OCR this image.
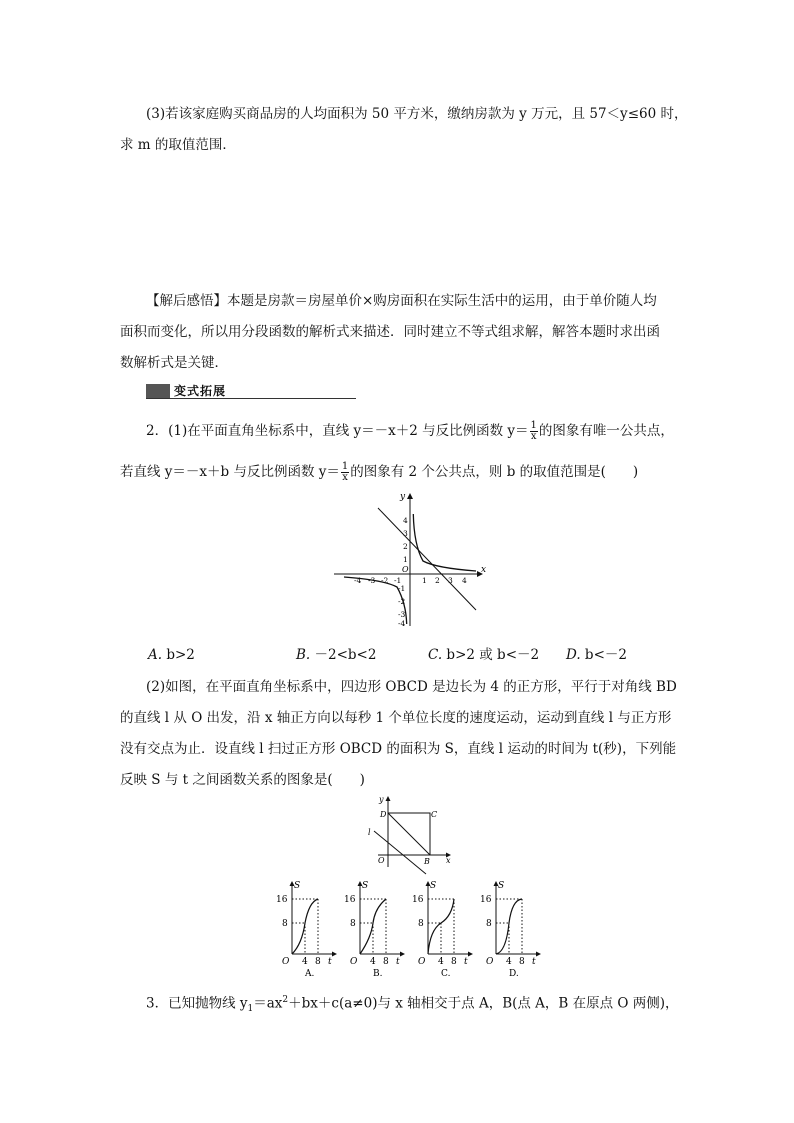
(3)若该家庭购买商品房的人均面积为 50 平方米，缴纳房款为 y 万元，且 57＜y≤60 时，
求 m 的取值范围．
【解后感悟】本题是房款＝房屋单价×购房面积在实际生活中的运用，由于单价随人均
面积而变化，所以用分段函数的解析式来描述．同时建立不等式组求解，解答本题时求出函
数解析式是关键．
变式拓展
2．(1)在平面直角坐标系中，直线 y＝－x＋2 与反比例函数 $y= \frac{1}{x}$ 的图象有唯一公共点，
若直线 y＝－x＋b 与反比例函数 $y= \frac{1}{x}$ 的图象有 2 个公共点，则 b 的取值范围是(　　)
x
y
O
-4 -3 -2 -1	1 2 3 4
4
3
2
1
-1
-2
-3
-4
A. b>2	B. －2<b<2	C. b>2 或 b<－2 D. b<－2
(2)如图，在平面直角坐标系中，四边形 OBCD 是边长为 4 的正方形，平行于对角线 BD
的直线 l 从 O 出发，沿 x 轴正方向以每秒 1 个单位长度的速度运动，运动到直线 l 与正方形
没有交点为止．设直线 l 扫过正方形 OBCD 的面积为 S，直线 l 运动的时间为 t(秒)，下列能
反映 S 与 t 之间函数关系的图象是(　　)
y
x
O	B
C
D
l
S
16
8
O 4 8 t
A.
S
16
8
O 4 8 t
B.
S
16
8
O 4 8 t
C.
S
16
8
O 4 8 t
D.
3．已知抛物线 $y_1=ax^2+bx+c(a\ne 0)$与 x 轴相交于点 A，B(点 A，B 在原点 O 两侧)，
